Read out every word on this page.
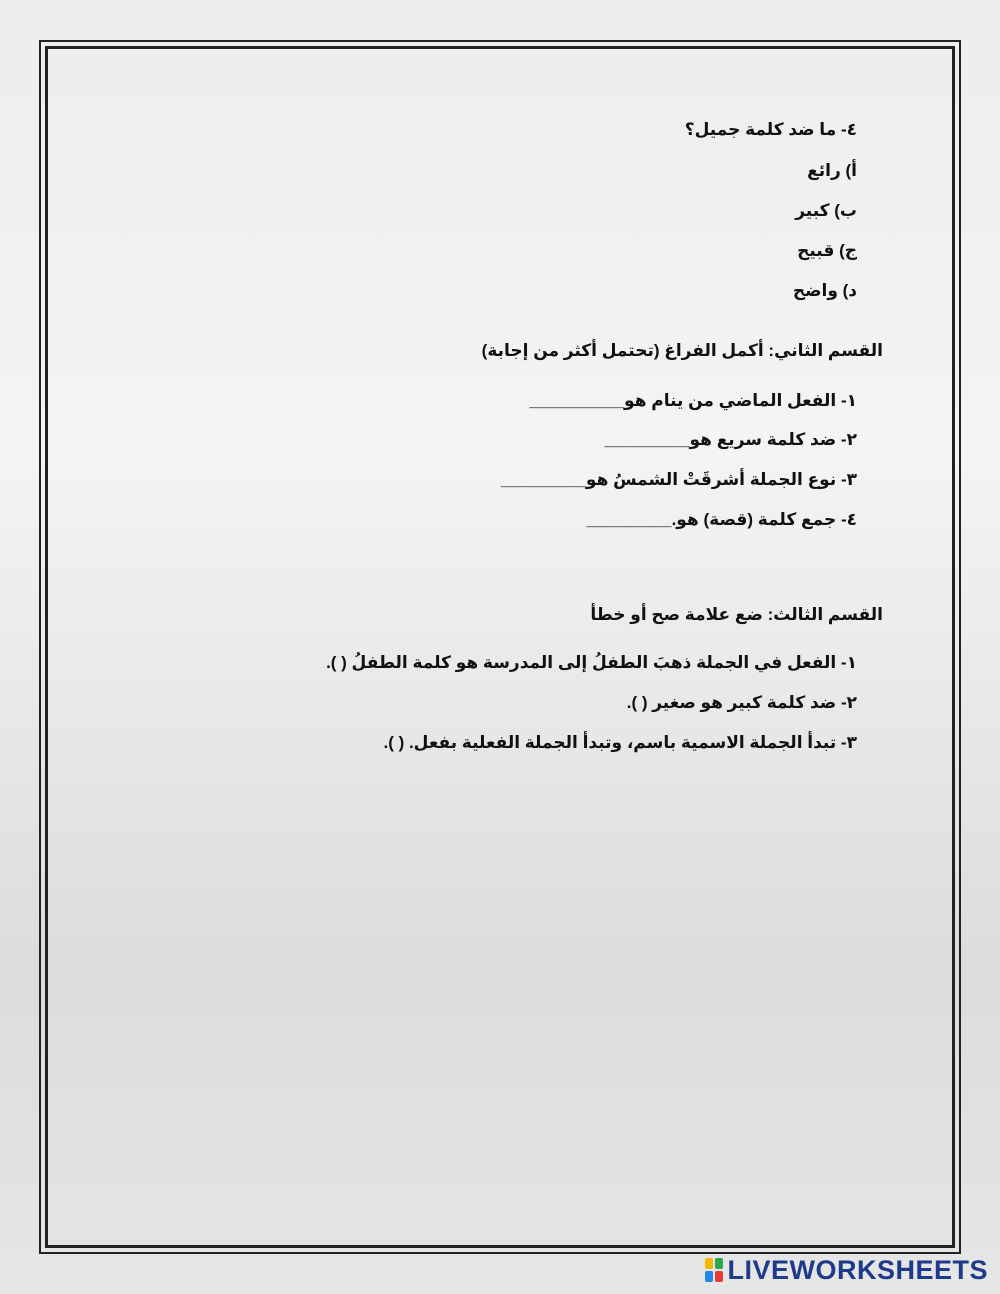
٤- ما ضد كلمة جميل؟
أ) رائع
ب) كبير
ج) قبيح
د) واضح
القسم الثاني: أكمل الفراغ (تحتمل أكثر من إجابة)
١- الفعل الماضي من ينام هو__________
٢- ضد كلمة سريع هو_________
٣- نوع الجملة أشرقَتْ الشمسُ هو_________
٤- جمع كلمة (قصة) هو._________
القسم الثالث: ضع علامة صح أو خطأ
١- الفعل في الجملة ذهبَ الطفلُ إلى المدرسة هو كلمة الطفلُ ( ).
٢- ضد كلمة كبير هو صغير ( ).
٣- تبدأ الجملة الاسمية باسم، وتبدأ الجملة الفعلية بفعل. ( ).
LIVEWORKSHEETS
